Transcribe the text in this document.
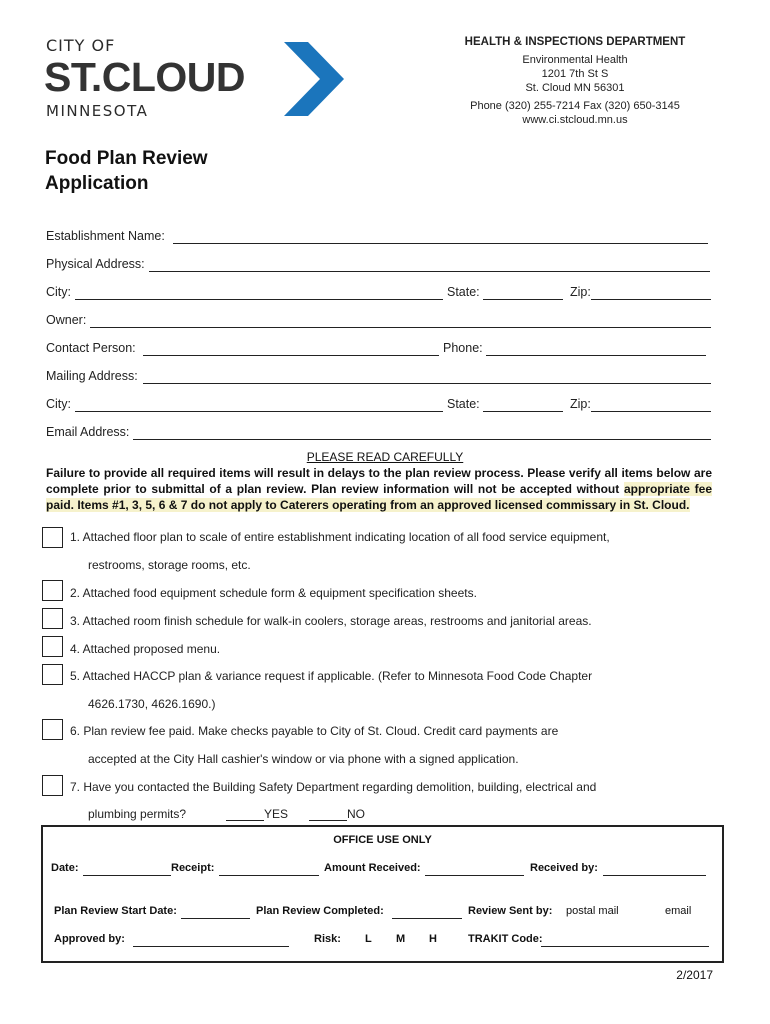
CITY OF
ST.CLOUD
MINNESOTA
HEALTH & INSPECTIONS DEPARTMENT
Environmental Health
1201 7th St S
St. Cloud MN 56301
Phone (320) 255-7214 Fax (320) 650-3145
www.ci.stcloud.mn.us
Food Plan Review
Application
Establishment Name:
Physical Address:
City:	State:	Zip:
Owner:
Contact Person:	Phone:
Mailing Address:
City:	State:	Zip:
Email Address:
PLEASE READ CAREFULLY
Failure to provide all required items will result in delays to the plan review process. Please verify all items below are complete prior to submittal of a plan review. Plan review information will not be accepted without appropriate fee paid. Items #1, 3, 5, 6 & 7 do not apply to Caterers operating from an approved licensed commissary in St. Cloud.
1. Attached floor plan to scale of entire establishment indicating location of all food service equipment,
restrooms, storage rooms, etc.
2. Attached food equipment schedule form & equipment specification sheets.
3. Attached room finish schedule for walk-in coolers, storage areas, restrooms and janitorial areas.
4. Attached proposed menu.
5. Attached HACCP plan & variance request if applicable. (Refer to Minnesota Food Code Chapter
4626.1730, 4626.1690.)
6. Plan review fee paid. Make checks payable to City of St. Cloud. Credit card payments are
accepted at the City Hall cashier's window or via phone with a signed application.
7. Have you contacted the Building Safety Department regarding demolition, building, electrical and
plumbing permits?	YES	NO
OFFICE USE ONLY
Date:	Receipt:	Amount Received:	Received by:
Plan Review Start Date:	Plan Review Completed:	Review Sent by: postal mail	email
Approved by:	Risk: L M H	TRAKIT Code:
2/2017
